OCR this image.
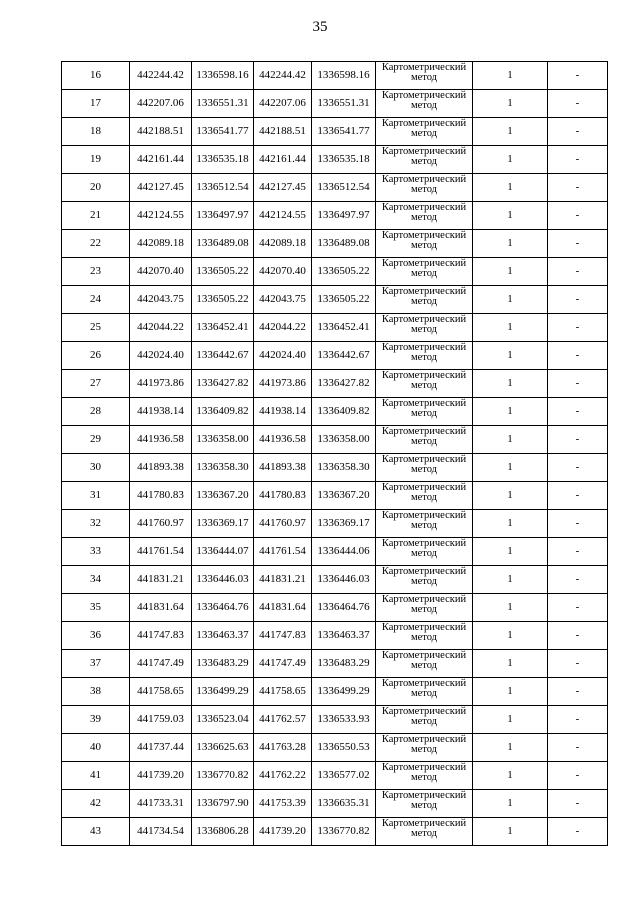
35
16	442244.42	1336598.16	442244.42	1336598.16	Картометрический
метод	1	-
17	442207.06	1336551.31	442207.06	1336551.31	Картометрический
метод	1	-
18	442188.51	1336541.77	442188.51	1336541.77	Картометрический
метод	1	-
19	442161.44	1336535.18	442161.44	1336535.18	Картометрический
метод	1	-
20	442127.45	1336512.54	442127.45	1336512.54	Картометрический
метод	1	-
21	442124.55	1336497.97	442124.55	1336497.97	Картометрический
метод	1	-
22	442089.18	1336489.08	442089.18	1336489.08	Картометрический
метод	1	-
23	442070.40	1336505.22	442070.40	1336505.22	Картометрический
метод	1	-
24	442043.75	1336505.22	442043.75	1336505.22	Картометрический
метод	1	-
25	442044.22	1336452.41	442044.22	1336452.41	Картометрический
метод	1	-
26	442024.40	1336442.67	442024.40	1336442.67	Картометрический
метод	1	-
27	441973.86	1336427.82	441973.86	1336427.82	Картометрический
метод	1	-
28	441938.14	1336409.82	441938.14	1336409.82	Картометрический
метод	1	-
29	441936.58	1336358.00	441936.58	1336358.00	Картометрический
метод	1	-
30	441893.38	1336358.30	441893.38	1336358.30	Картометрический
метод	1	-
31	441780.83	1336367.20	441780.83	1336367.20	Картометрический
метод	1	-
32	441760.97	1336369.17	441760.97	1336369.17	Картометрический
метод	1	-
33	441761.54	1336444.07	441761.54	1336444.06	Картометрический
метод	1	-
34	441831.21	1336446.03	441831.21	1336446.03	Картометрический
метод	1	-
35	441831.64	1336464.76	441831.64	1336464.76	Картометрический
метод	1	-
36	441747.83	1336463.37	441747.83	1336463.37	Картометрический
метод	1	-
37	441747.49	1336483.29	441747.49	1336483.29	Картометрический
метод	1	-
38	441758.65	1336499.29	441758.65	1336499.29	Картометрический
метод	1	-
39	441759.03	1336523.04	441762.57	1336533.93	Картометрический
метод	1	-
40	441737.44	1336625.63	441763.28	1336550.53	Картометрический
метод	1	-
41	441739.20	1336770.82	441762.22	1336577.02	Картометрический
метод	1	-
42	441733.31	1336797.90	441753.39	1336635.31	Картометрический
метод	1	-
43	441734.54	1336806.28	441739.20	1336770.82	Картометрический
метод	1	-
